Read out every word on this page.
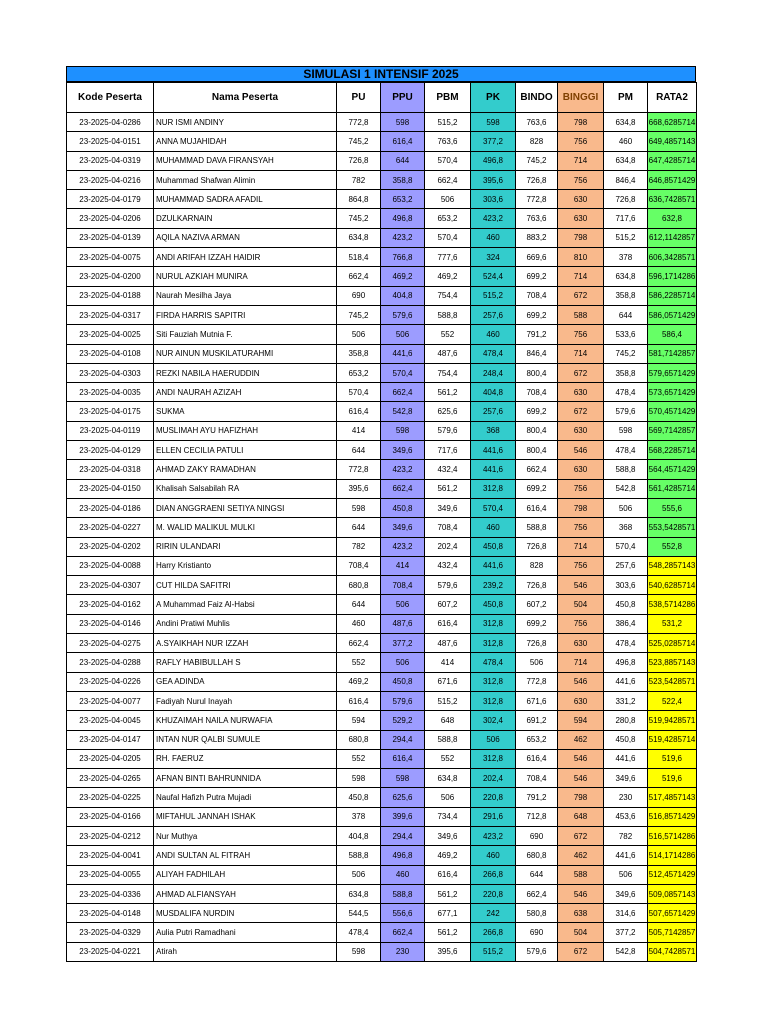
SIMULASI 1 INTENSIF 2025
Kode Peserta	Nama Peserta	PU	PPU	PBM	PK	BINDO	BINGGI	PM	RATA2
23-2025-04-0286	NUR ISMI ANDINY	772,8	598	515,2	598	763,6	798	634,8	668,6285714
23-2025-04-0151	ANNA MUJAHIDAH	745,2	616,4	763,6	377,2	828	756	460	649,4857143
23-2025-04-0319	MUHAMMAD DAVA FIRANSYAH	726,8	644	570,4	496,8	745,2	714	634,8	647,4285714
23-2025-04-0216	Muhammad Shafwan Alimin	782	358,8	662,4	395,6	726,8	756	846,4	646,8571429
23-2025-04-0179	MUHAMMAD SADRA AFADIL	864,8	653,2	506	303,6	772,8	630	726,8	636,7428571
23-2025-04-0206	DZULKARNAIN	745,2	496,8	653,2	423,2	763,6	630	717,6	632,8
23-2025-04-0139	AQILA NAZIVA ARMAN	634,8	423,2	570,4	460	883,2	798	515,2	612,1142857
23-2025-04-0075	ANDI ARIFAH IZZAH HAIDIR	518,4	766,8	777,6	324	669,6	810	378	606,3428571
23-2025-04-0200	NURUL AZKIAH MUNIRA	662,4	469,2	469,2	524,4	699,2	714	634,8	596,1714286
23-2025-04-0188	Naurah Mesilha Jaya	690	404,8	754,4	515,2	708,4	672	358,8	586,2285714
23-2025-04-0317	FIRDA HARRIS SAPITRI	745,2	579,6	588,8	257,6	699,2	588	644	586,0571429
23-2025-04-0025	Siti Fauziah Mutnia F.	506	506	552	460	791,2	756	533,6	586,4
23-2025-04-0108	NUR AINUN MUSKILATURAHMI	358,8	441,6	487,6	478,4	846,4	714	745,2	581,7142857
23-2025-04-0303	REZKI NABILA HAERUDDIN	653,2	570,4	754,4	248,4	800,4	672	358,8	579,6571429
23-2025-04-0035	ANDI NAURAH AZIZAH	570,4	662,4	561,2	404,8	708,4	630	478,4	573,6571429
23-2025-04-0175	SUKMA	616,4	542,8	625,6	257,6	699,2	672	579,6	570,4571429
23-2025-04-0119	MUSLIMAH AYU HAFIZHAH	414	598	579,6	368	800,4	630	598	569,7142857
23-2025-04-0129	ELLEN CECILIA PATULI	644	349,6	717,6	441,6	800,4	546	478,4	568,2285714
23-2025-04-0318	AHMAD ZAKY RAMADHAN	772,8	423,2	432,4	441,6	662,4	630	588,8	564,4571429
23-2025-04-0150	Khalisah Salsabilah RA	395,6	662,4	561,2	312,8	699,2	756	542,8	561,4285714
23-2025-04-0186	DIAN ANGGRAENI SETIYA NINGSI	598	450,8	349,6	570,4	616,4	798	506	555,6
23-2025-04-0227	M. WALID MALIKUL MULKI	644	349,6	708,4	460	588,8	756	368	553,5428571
23-2025-04-0202	RIRIN ULANDARI	782	423,2	202,4	450,8	726,8	714	570,4	552,8
23-2025-04-0088	Harry Kristianto	708,4	414	432,4	441,6	828	756	257,6	548,2857143
23-2025-04-0307	CUT HILDA SAFITRI	680,8	708,4	579,6	239,2	726,8	546	303,6	540,6285714
23-2025-04-0162	A Muhammad Faiz Al-Habsi	644	506	607,2	450,8	607,2	504	450,8	538,5714286
23-2025-04-0146	Andini Pratiwi Muhlis	460	487,6	616,4	312,8	699,2	756	386,4	531,2
23-2025-04-0275	A.SYAIKHAH NUR IZZAH	662,4	377,2	487,6	312,8	726,8	630	478,4	525,0285714
23-2025-04-0288	RAFLY HABIBULLAH S	552	506	414	478,4	506	714	496,8	523,8857143
23-2025-04-0226	GEA ADINDA	469,2	450,8	671,6	312,8	772,8	546	441,6	523,5428571
23-2025-04-0077	Fadiyah Nurul Inayah	616,4	579,6	515,2	312,8	671,6	630	331,2	522,4
23-2025-04-0045	KHUZAIMAH NAILA NURWAFIA	594	529,2	648	302,4	691,2	594	280,8	519,9428571
23-2025-04-0147	INTAN NUR QALBI SUMULE	680,8	294,4	588,8	506	653,2	462	450,8	519,4285714
23-2025-04-0205	RH. FAERUZ	552	616,4	552	312,8	616,4	546	441,6	519,6
23-2025-04-0265	AFNAN BINTI BAHRUNNIDA	598	598	634,8	202,4	708,4	546	349,6	519,6
23-2025-04-0225	Naufal Hafizh Putra Mujadi	450,8	625,6	506	220,8	791,2	798	230	517,4857143
23-2025-04-0166	MIFTAHUL JANNAH ISHAK	378	399,6	734,4	291,6	712,8	648	453,6	516,8571429
23-2025-04-0212	Nur Muthya	404,8	294,4	349,6	423,2	690	672	782	516,5714286
23-2025-04-0041	ANDI SULTAN AL FITRAH	588,8	496,8	469,2	460	680,8	462	441,6	514,1714286
23-2025-04-0055	ALIYAH FADHILAH	506	460	616,4	266,8	644	588	506	512,4571429
23-2025-04-0336	AHMAD ALFIANSYAH	634,8	588,8	561,2	220,8	662,4	546	349,6	509,0857143
23-2025-04-0148	MUSDALIFA NURDIN	544,5	556,6	677,1	242	580,8	638	314,6	507,6571429
23-2025-04-0329	Aulia Putri Ramadhani	478,4	662,4	561,2	266,8	690	504	377,2	505,7142857
23-2025-04-0221	Atirah	598	230	395,6	515,2	579,6	672	542,8	504,7428571
